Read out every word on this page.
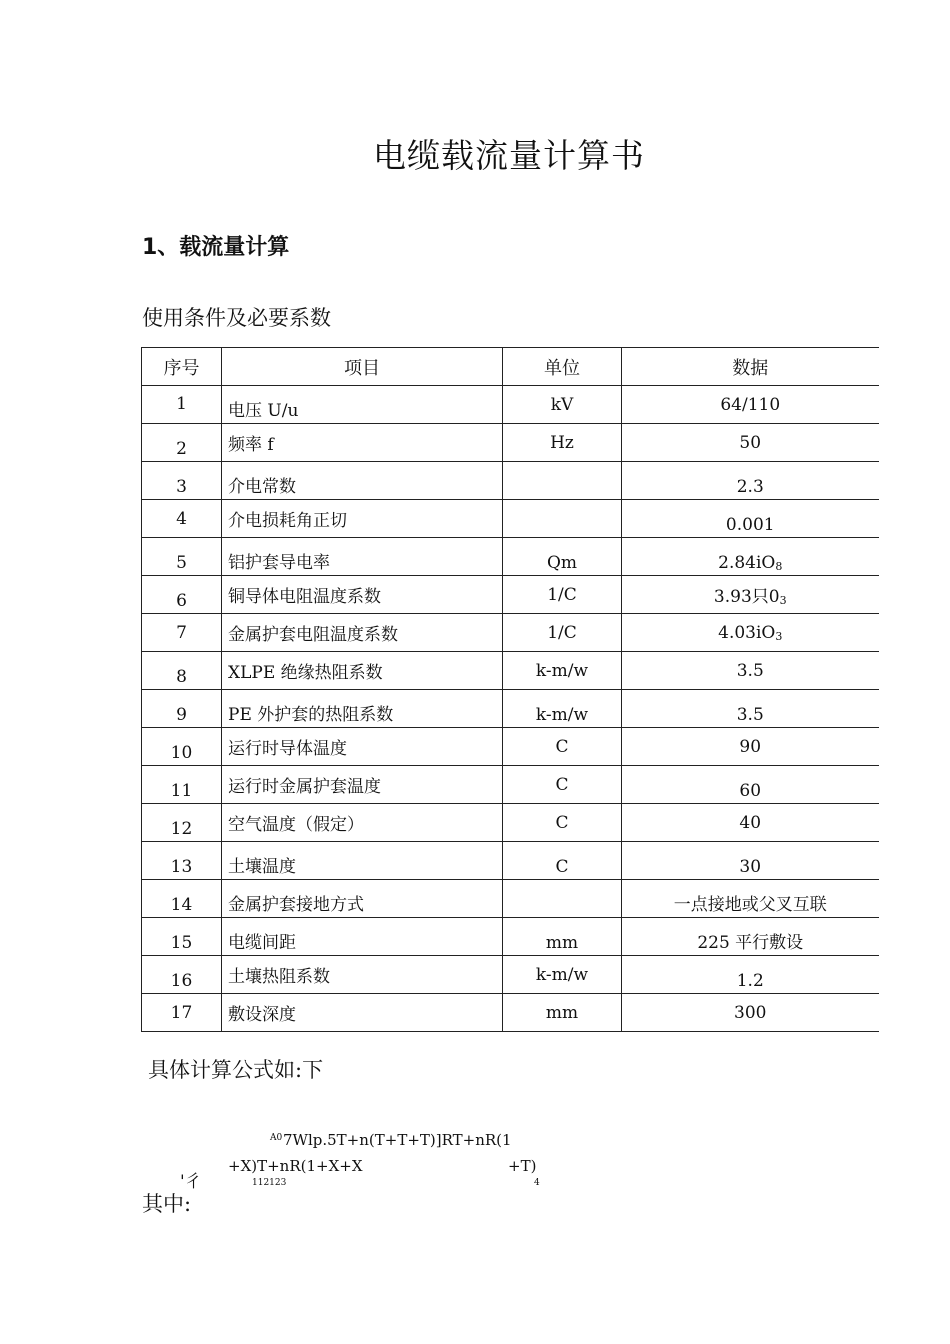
电缆载流量计算书
1、载流量计算
使用条件及必要系数
序号	项目	单位	数据
1	电压 U/u	kV	64/110
2	频率 f	Hz	50
3	介电常数		2.3
4	介电损耗角正切		0.001
5	铝护套导电率	Qm	$2.84iO_8$
6	铜导体电阻温度系数	1/C	3.93只$0_3$
7	金属护套电阻温度系数	1/C	$4.03iO_3$
8	XLPE 绝缘热阻系数	k-m/w	3.5
9	PE 外护套的热阻系数	k-m/w	3.5
10	运行时导体温度	C	90
11	运行时金属护套温度	C	60
12	空气温度（假定）	C	40
13	土壤温度	C	30
14	金属护套接地方式		一点接地或父叉互联
15	电缆间距	mm	225 平行敷设
16	土壤热阻系数	k-m/w	1.2
17	敷设深度	mm	300
具体计算公式如:下
A0 7Wlp.5T+n(T+T+T)]RT+nR(1
'彳
+X)T+nR(1+X+X
112123
+T)
4
其中:
